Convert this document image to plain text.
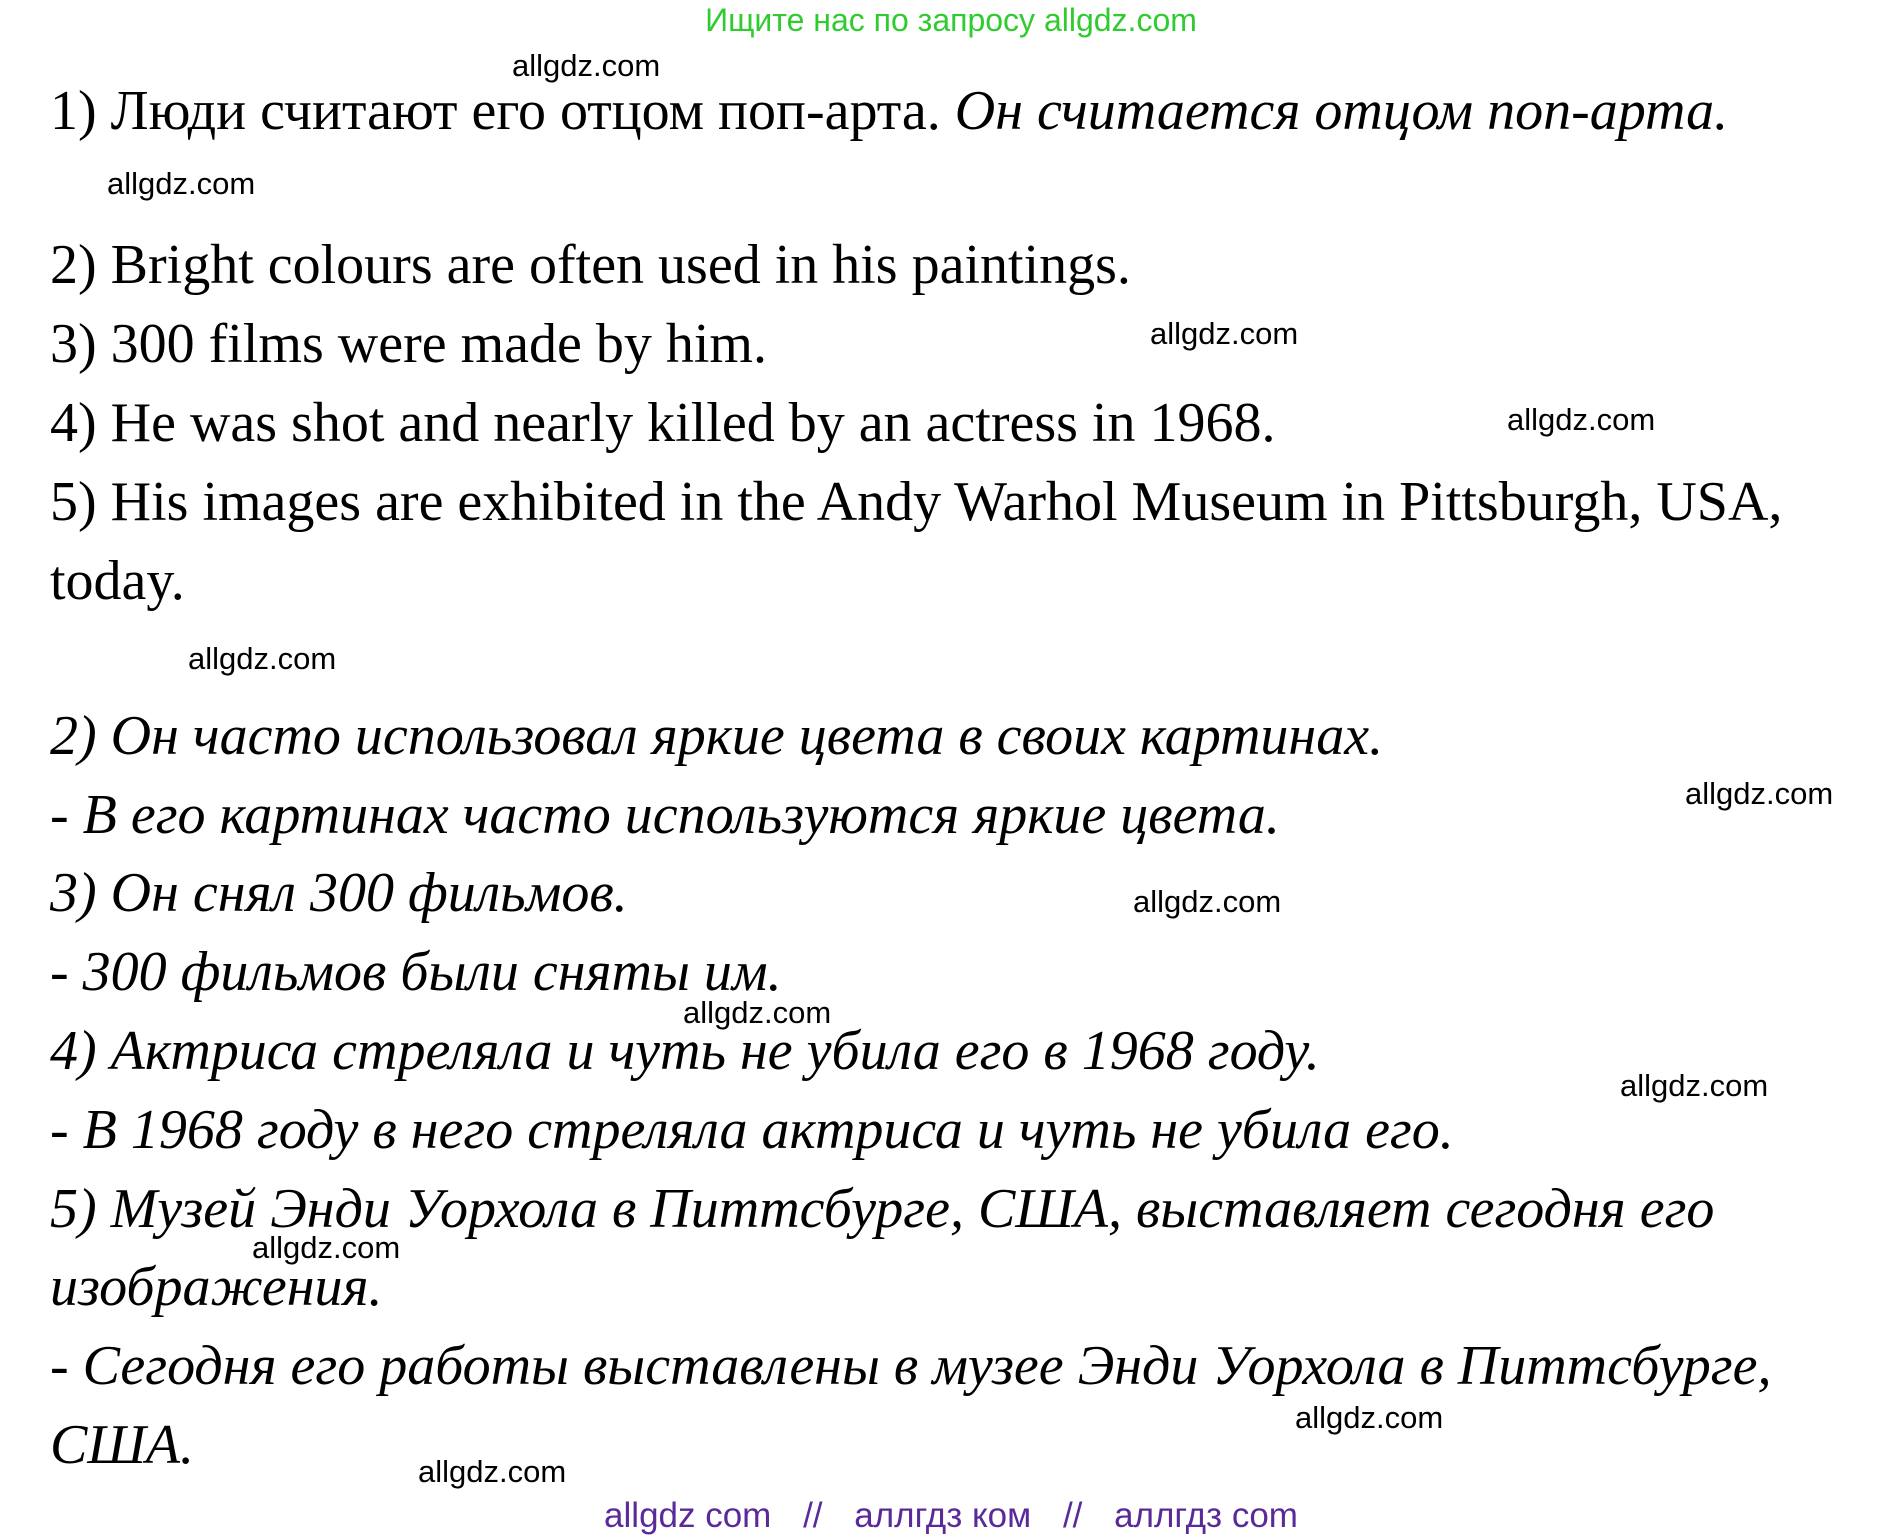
Ищите нас по запросу allgdz.com
1) Люди считают его отцом поп-арта. Он считается отцом поп-арта.
2) Bright colours are often used in his paintings.
3) 300 films were made by him.
4) He was shot and nearly killed by an actress in 1968.
5) His images are exhibited in the Andy Warhol Museum in Pittsburgh, USA,
today.
2) Он часто использовал яркие цвета в своих картинах.
- В его картинах часто используются яркие цвета.
3) Он снял 300 фильмов.
- 300 фильмов были сняты им.
4) Актриса стреляла и чуть не убила его в 1968 году.
- В 1968 году в него стреляла актриса и чуть не убила его.
5) Музей Энди Уорхола в Питтсбурге, США, выставляет сегодня его
изображения.
- Сегодня его работы выставлены в музее Энди Уорхола в Питтсбурге,
США.
allgdz.com
allgdz.com
allgdz.com
allgdz.com
allgdz.com
allgdz.com
allgdz.com
allgdz.com
allgdz.com
allgdz.com
allgdz.com
allgdz.com
allgdz com // аллгдз ком // аллгдз com
